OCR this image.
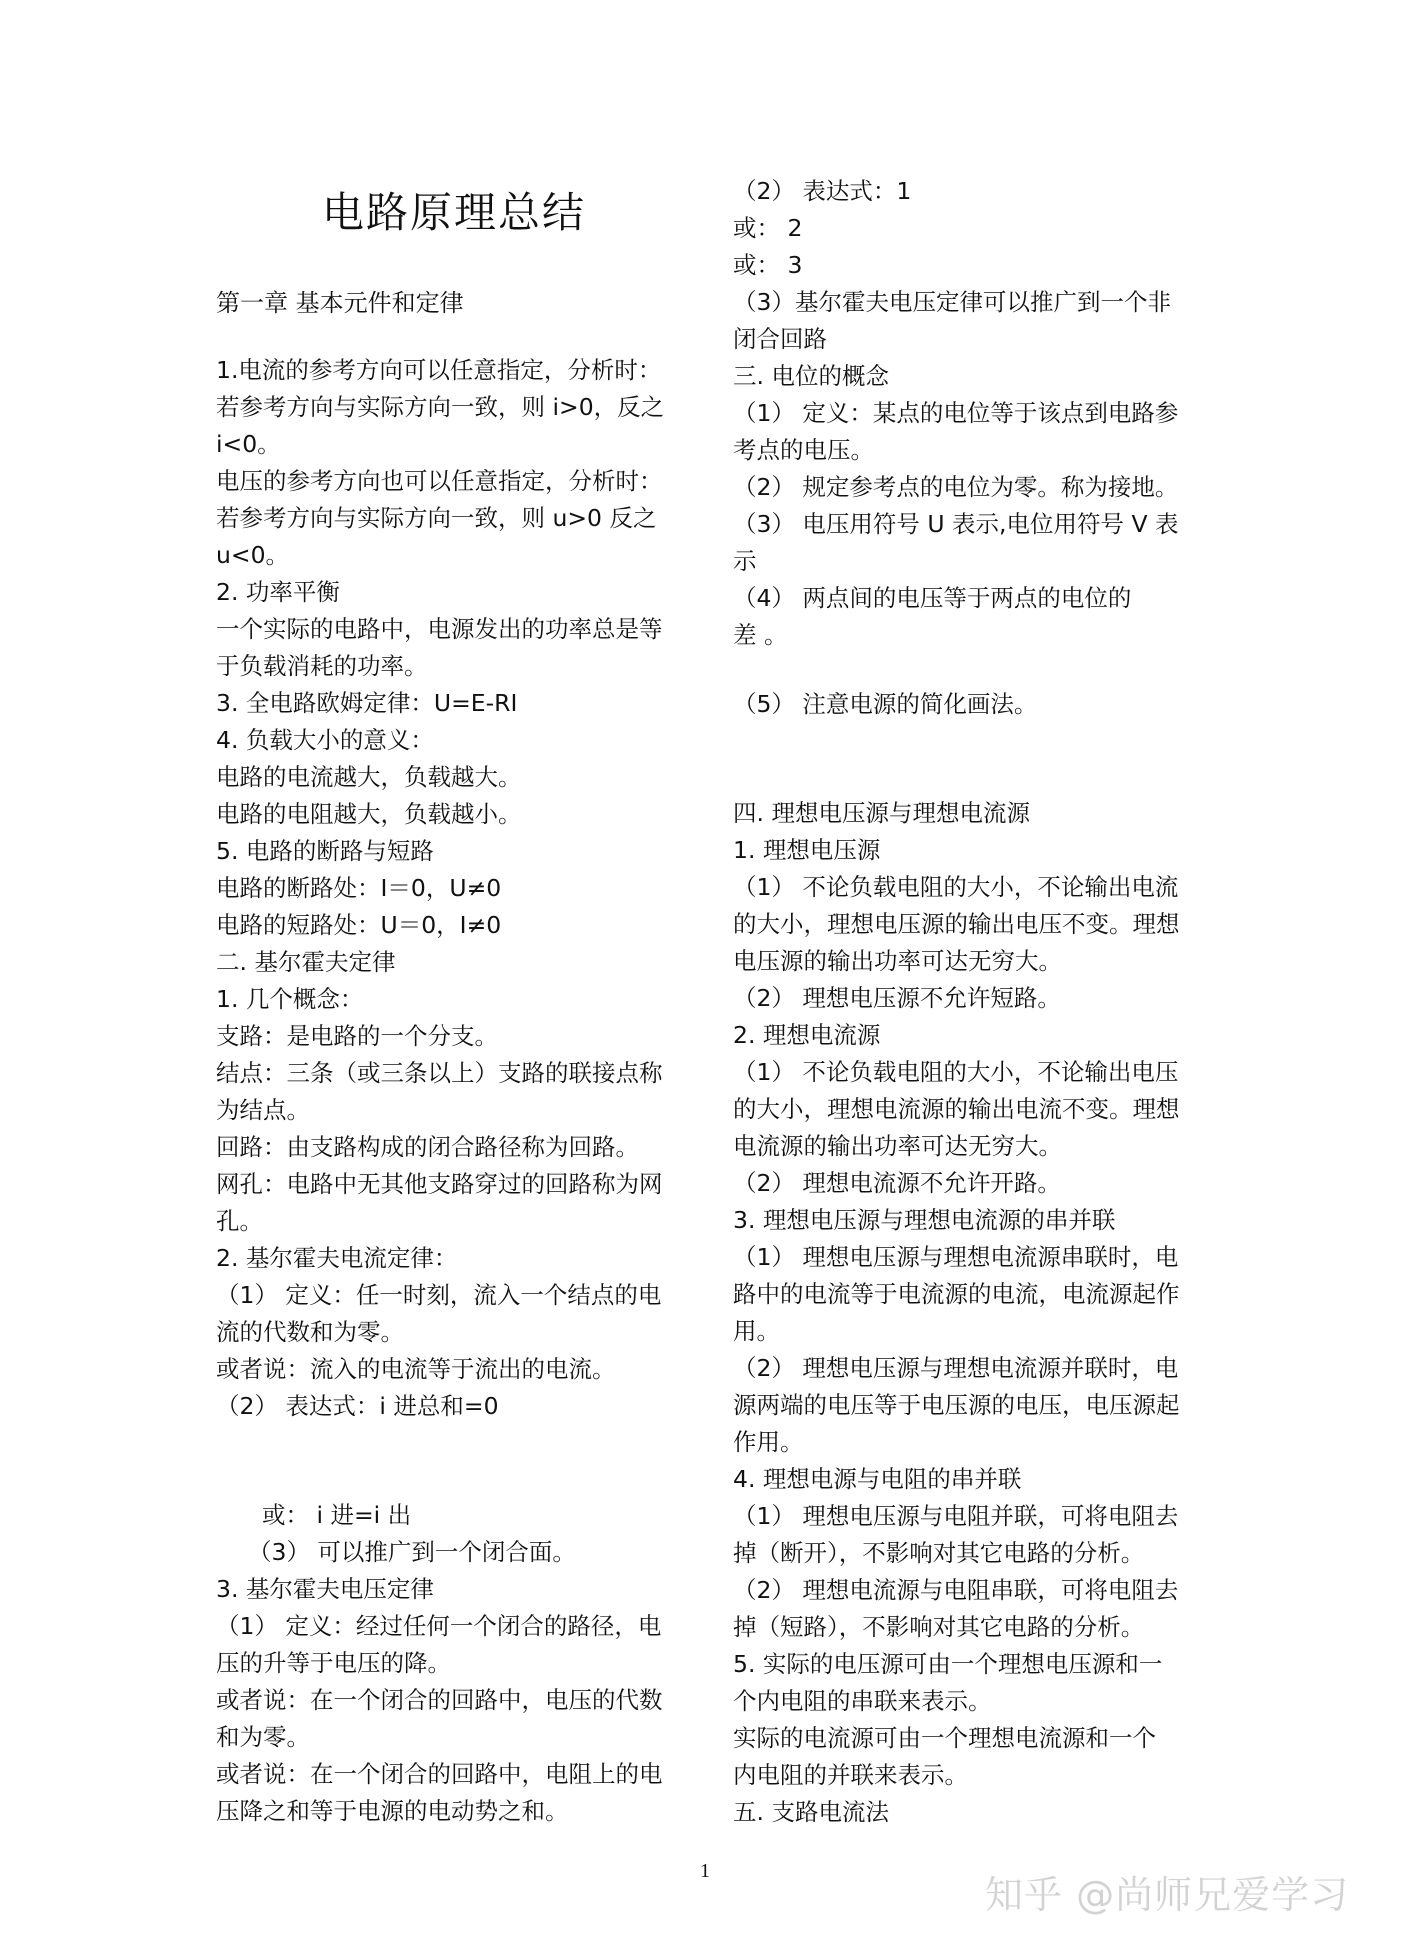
电路原理总结
第一章 基本元件和定律
1.电流的参考方向可以任意指定，分析时：
若参考方向与实际方向一致，则 i>0，反之
i<0。
电压的参考方向也可以任意指定，分析时：
若参考方向与实际方向一致，则 u>0 反之
u<0。
2. 功率平衡
一个实际的电路中，电源发出的功率总是等
于负载消耗的功率。
3. 全电路欧姆定律：U=E-RI
4. 负载大小的意义：
电路的电流越大，负载越大。
电路的电阻越大，负载越小。
5. 电路的断路与短路
电路的断路处：I＝0，U≠0
电路的短路处：U＝0，I≠0
二. 基尔霍夫定律
1. 几个概念：
支路：是电路的一个分支。
结点：三条（或三条以上）支路的联接点称
为结点。
回路：由支路构成的闭合路径称为回路。
网孔：电路中无其他支路穿过的回路称为网
孔。
2. 基尔霍夫电流定律：
（1） 定义：任一时刻，流入一个结点的电
流的代数和为零。
或者说：流入的电流等于流出的电流。
（2） 表达式：i 进总和=0
或： i 进=i 出
（3） 可以推广到一个闭合面。
3. 基尔霍夫电压定律
（1） 定义：经过任何一个闭合的路径，电
压的升等于电压的降。
或者说：在一个闭合的回路中，电压的代数
和为零。
或者说：在一个闭合的回路中，电阻上的电
压降之和等于电源的电动势之和。
（2） 表达式：1
或： 2
或： 3
（3）基尔霍夫电压定律可以推广到一个非
闭合回路
三. 电位的概念
（1） 定义：某点的电位等于该点到电路参
考点的电压。
（2） 规定参考点的电位为零。称为接地。
（3） 电压用符号 U 表示,电位用符号 V 表
示
（4） 两点间的电压等于两点的电位的
差 。
（5） 注意电源的简化画法。
四. 理想电压源与理想电流源
1. 理想电压源
（1） 不论负载电阻的大小，不论输出电流
的大小，理想电压源的输出电压不变。理想
电压源的输出功率可达无穷大。
（2） 理想电压源不允许短路。
2. 理想电流源
（1） 不论负载电阻的大小，不论输出电压
的大小，理想电流源的输出电流不变。理想
电流源的输出功率可达无穷大。
（2） 理想电流源不允许开路。
3. 理想电压源与理想电流源的串并联
（1） 理想电压源与理想电流源串联时，电
路中的电流等于电流源的电流，电流源起作
用。
（2） 理想电压源与理想电流源并联时，电
源两端的电压等于电压源的电压，电压源起
作用。
4. 理想电源与电阻的串并联
（1） 理想电压源与电阻并联，可将电阻去
掉（断开），不影响对其它电路的分析。
（2） 理想电流源与电阻串联，可将电阻去
掉（短路），不影响对其它电路的分析。
5. 实际的电压源可由一个理想电压源和一
个内电阻的串联来表示。
实际的电流源可由一个理想电流源和一个
内电阻的并联来表示。
五. 支路电流法
1
知乎 @尚师兄爱学习
